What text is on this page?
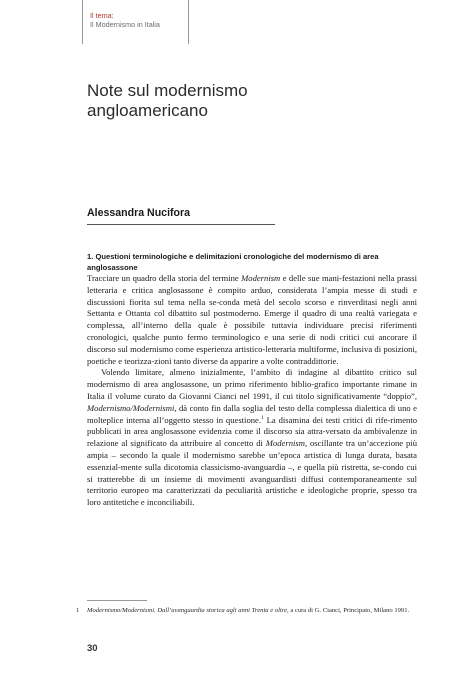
Il tema:
Il Modernismo in Italia
Note sul modernismo
angloamericano
Alessandra Nucifora
1. Questioni terminologiche e delimitazioni cronologiche del modernismo di area anglosassone

Tracciare un quadro della storia del termine Modernism e delle sue mani-festazioni nella prassi letteraria e critica anglosassone è compito arduo, considerata l’ampia messe di studi e discussioni fiorita sul tema nella se-conda metà del secolo scorso e rinverditasi negli anni Settanta e Ottanta col dibattito sul postmoderno. Emerge il quadro di una realtà variegata e complessa, all’interno della quale è possibile tuttavia individuare precisi riferimenti cronologici, qualche punto fermo terminologico e una serie di nodi critici cui ancorare il discorso sul modernismo come esperienza artistico-letteraria multiforme, inclusiva di posizioni, poetiche e teorizza-zioni tanto diverse da apparire a volte contraddittorie.

Volendo limitare, almeno inizialmente, l’ambito di indagine al dibattito critico sul modernismo di area anglosassone, un primo riferimento biblio-grafico importante rimane in Italia il volume curato da Giovanni Cianci nel 1991, il cui titolo significativamente “doppio”, Modernismo/Modernismi, dà conto fin dalla soglia del testo della complessa dialettica di uno e molteplice interna all’oggetto stesso in questione.$^1$ La disamina dei testi critici di rife-rimento pubblicati in area anglosassone evidenzia come il discorso sia attra-versato da ambivalenze in relazione al significato da attribuire al concetto di Modernism, oscillante tra un’accezione più ampia – secondo la quale il modernismo sarebbe un’epoca artistica di lunga durata, basata essenzial-mente sulla dicotomia classicismo-avanguardia –, e quella più ristretta, se-condo cui si tratterebbe di un insieme di movimenti avanguardisti diffusi contemporaneamente sul territorio europeo ma caratterizzati da peculiarità artistiche e ideologiche proprie, spesso tra loro antitetiche e inconciliabili.

1 Modernismo/Modernismi. Dall’avanguardia storica agli anni Trenta e oltre, a cura di G. Cianci, Principato, Milano 1991.
30
